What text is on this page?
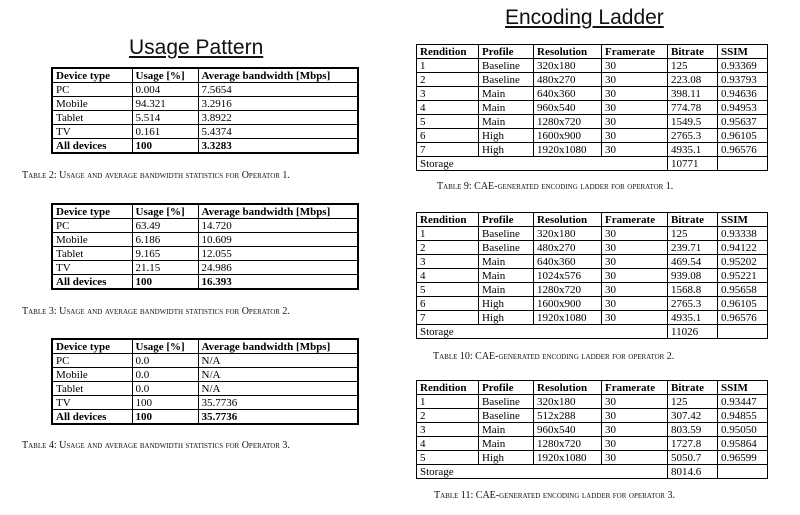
Usage Pattern
Encoding Ladder
Device type	Usage [%]	Average bandwidth [Mbps]
PC	0.004	7.5654
Mobile	94.321	3.2916
Tablet	5.514	3.8922
TV	0.161	5.4374
All devices	100	3.3283
Table 2: Usage and average bandwidth statistics for Operator 1.
Device type	Usage [%]	Average bandwidth [Mbps]
PC	63.49	14.720
Mobile	6.186	10.609
Tablet	9.165	12.055
TV	21.15	24.986
All devices	100	16.393
Table 3: Usage and average bandwidth statistics for Operator 2.
Device type	Usage [%]	Average bandwidth [Mbps]
PC	0.0	N/A
Mobile	0.0	N/A
Tablet	0.0	N/A
TV	100	35.7736
All devices	100	35.7736
Table 4: Usage and average bandwidth statistics for Operator 3.
Rendition	Profile	Resolution	Framerate	Bitrate	SSIM
1	Baseline	320x180	30	125	0.93369
2	Baseline	480x270	30	223.08	0.93793
3	Main	640x360	30	398.11	0.94636
4	Main	960x540	30	774.78	0.94953
5	Main	1280x720	30	1549.5	0.95637
6	High	1600x900	30	2765.3	0.96105
7	High	1920x1080	30	4935.1	0.96576
Storage				10771	
Table 9: CAE-generated encoding ladder for operator 1.
Rendition	Profile	Resolution	Framerate	Bitrate	SSIM
1	Baseline	320x180	30	125	0.93338
2	Baseline	480x270	30	239.71	0.94122
3	Main	640x360	30	469.54	0.95202
4	Main	1024x576	30	939.08	0.95221
5	Main	1280x720	30	1568.8	0.95658
6	High	1600x900	30	2765.3	0.96105
7	High	1920x1080	30	4935.1	0.96576
Storage				11026	
Table 10: CAE-generated encoding ladder for operator 2.
Rendition	Profile	Resolution	Framerate	Bitrate	SSIM
1	Baseline	320x180	30	125	0.93447
2	Baseline	512x288	30	307.42	0.94855
3	Main	960x540	30	803.59	0.95050
4	Main	1280x720	30	1727.8	0.95864
5	High	1920x1080	30	5050.7	0.96599
Storage				8014.6	
Table 11: CAE-generated encoding ladder for operator 3.
